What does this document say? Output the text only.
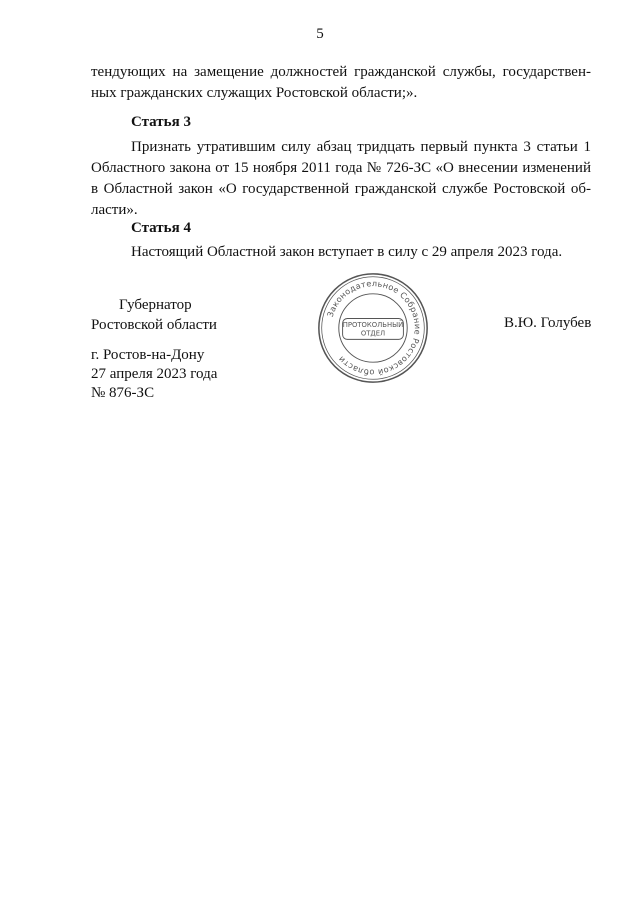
5
тендующих на замещение должностей гражданской службы, государствен-
ных гражданских служащих Ростовской области;».
Статья 3
Признать утратившим силу абзац тридцать первый пункта 3 статьи 1
Областного закона от 15 ноября 2011 года № 726-ЗС «О внесении изменений
в Областной закон «О государственной гражданской службе Ростовской об-
ласти».
Статья 4
Настоящий Областной закон вступает в силу с 29 апреля 2023 года.
Губернатор
Ростовской области	В.Ю. Голубев
Законодательное Собрание Ростовской области
ПРОТОКОЛЬНЫЙ
ОТДЕЛ
г. Ростов-на-Дону
27 апреля 2023 года
№ 876-ЗС
